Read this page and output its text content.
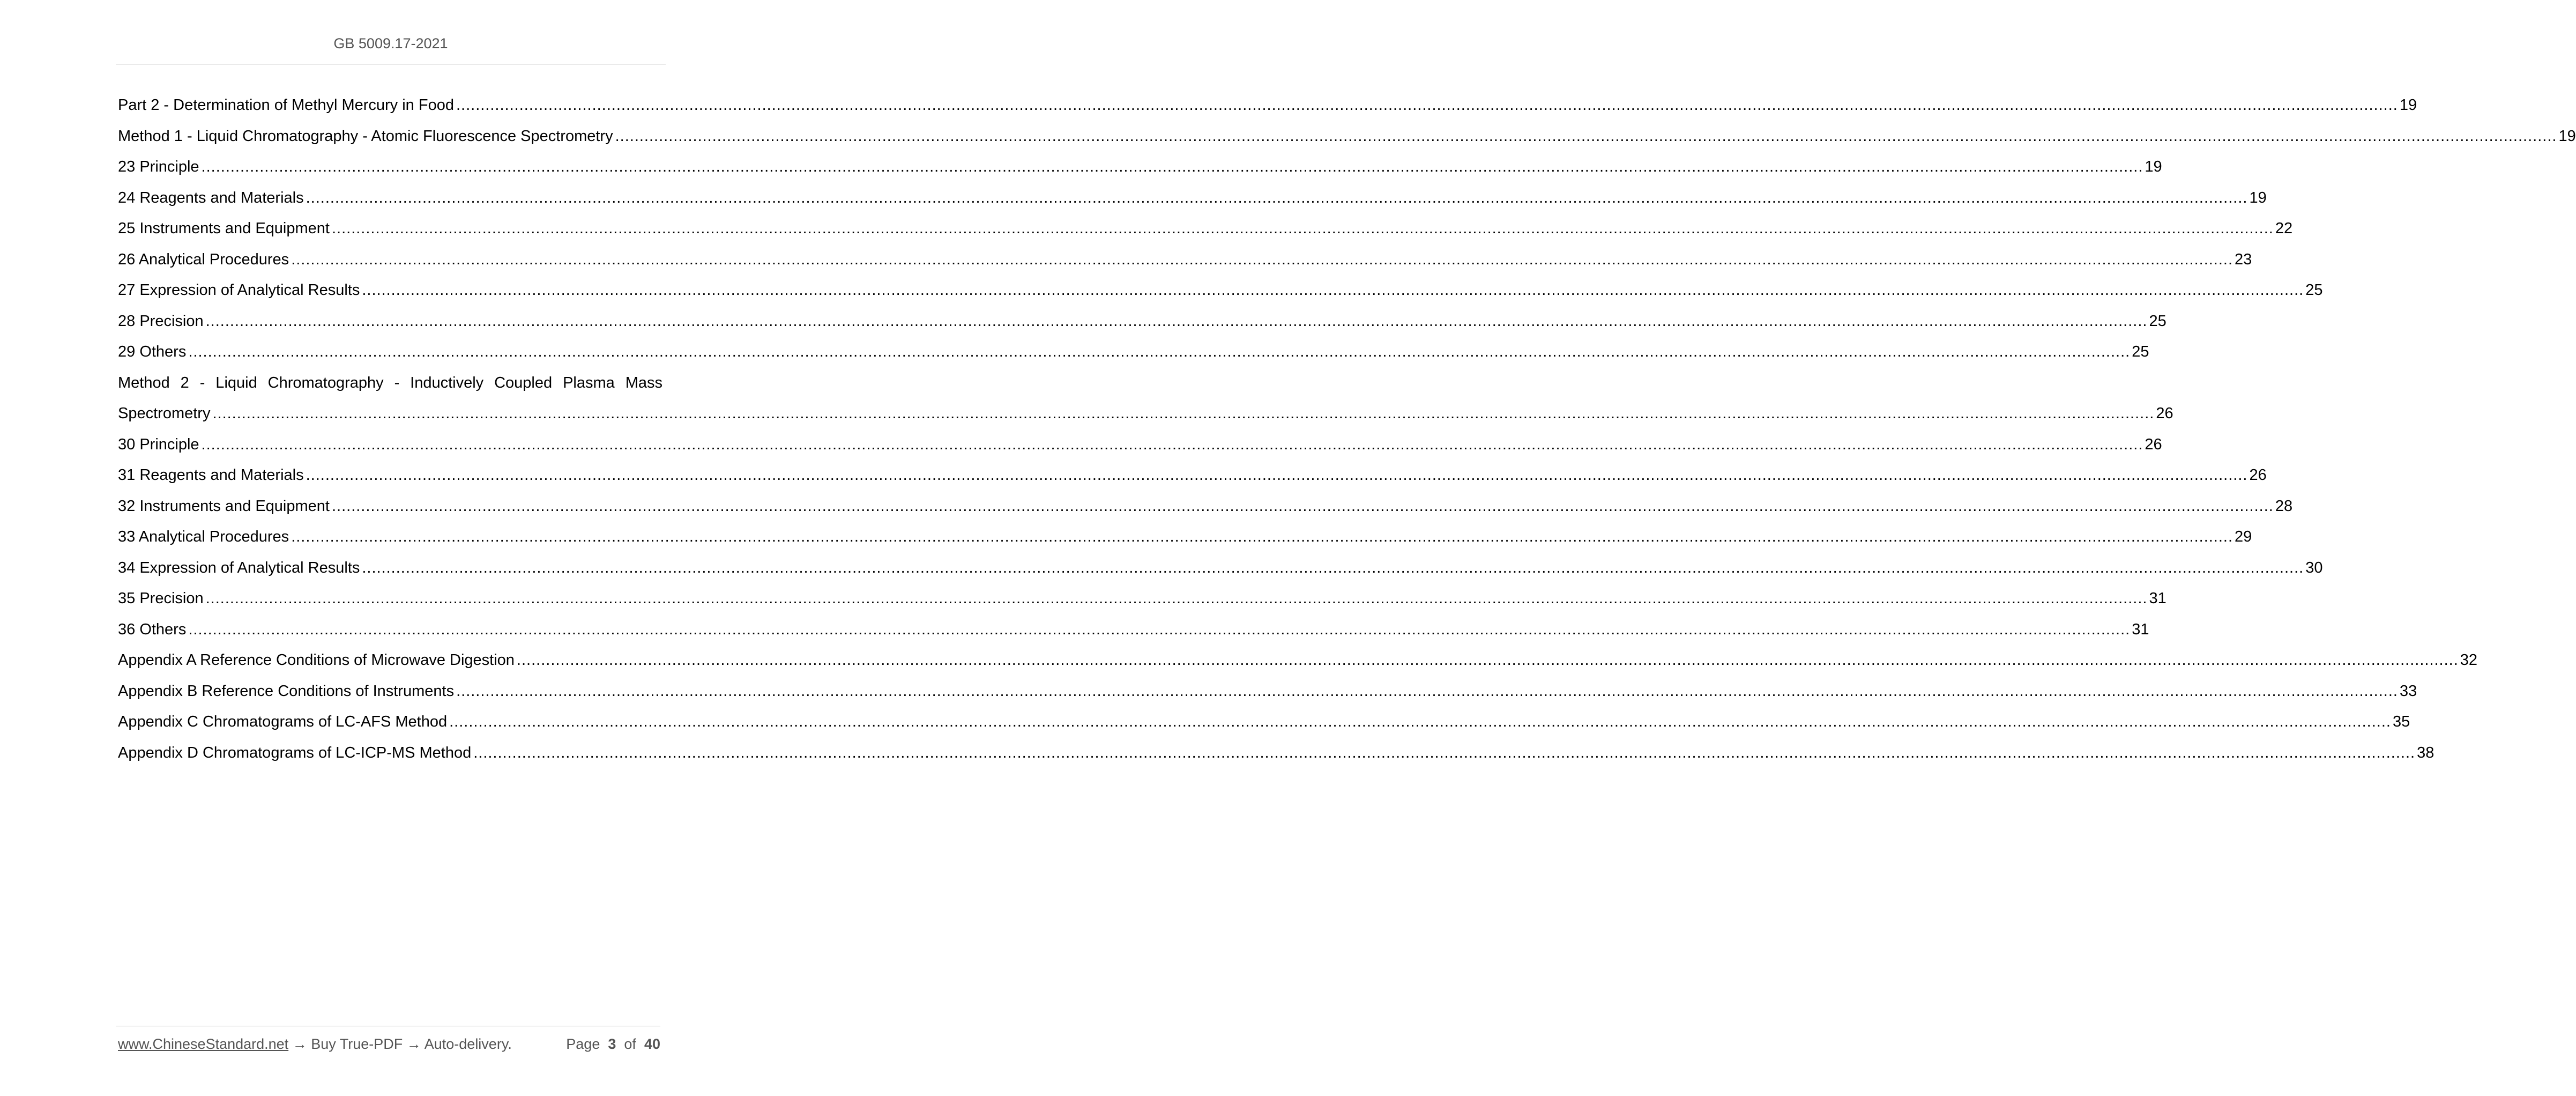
GB 5009.17-2021
Part 2 - Determination of Methyl Mercury in Food ................................................................................................................................................................................................................................................................................................................................................................................................................ 19
Method 1 - Liquid Chromatography - Atomic Fluorescence Spectrometry ................................................................................................................................................................................................................................................................................................................................................................................................................ 19
23 Principle ................................................................................................................................................................................................................................................................................................................................................................................................................ 19
24 Reagents and Materials ................................................................................................................................................................................................................................................................................................................................................................................................................ 19
25 Instruments and Equipment ................................................................................................................................................................................................................................................................................................................................................................................................................ 22
26 Analytical Procedures ................................................................................................................................................................................................................................................................................................................................................................................................................ 23
27 Expression of Analytical Results ................................................................................................................................................................................................................................................................................................................................................................................................................ 25
28 Precision ................................................................................................................................................................................................................................................................................................................................................................................................................ 25
29 Others ................................................................................................................................................................................................................................................................................................................................................................................................................ 25
Method 2 - Liquid Chromatography - Inductively Coupled Plasma Mass
Spectrometry ................................................................................................................................................................................................................................................................................................................................................................................................................ 26
30 Principle ................................................................................................................................................................................................................................................................................................................................................................................................................ 26
31 Reagents and Materials ................................................................................................................................................................................................................................................................................................................................................................................................................ 26
32 Instruments and Equipment ................................................................................................................................................................................................................................................................................................................................................................................................................ 28
33 Analytical Procedures ................................................................................................................................................................................................................................................................................................................................................................................................................ 29
34 Expression of Analytical Results ................................................................................................................................................................................................................................................................................................................................................................................................................ 30
35 Precision ................................................................................................................................................................................................................................................................................................................................................................................................................ 31
36 Others ................................................................................................................................................................................................................................................................................................................................................................................................................ 31
Appendix A Reference Conditions of Microwave Digestion ................................................................................................................................................................................................................................................................................................................................................................................................................ 32
Appendix B Reference Conditions of Instruments ................................................................................................................................................................................................................................................................................................................................................................................................................ 33
Appendix C Chromatograms of LC-AFS Method ................................................................................................................................................................................................................................................................................................................................................................................................................ 35
Appendix D Chromatograms of LC-ICP-MS Method ................................................................................................................................................................................................................................................................................................................................................................................................................ 38
www.ChineseStandard.net → Buy True-PDF → Auto-delivery.	Page 3 of 40
